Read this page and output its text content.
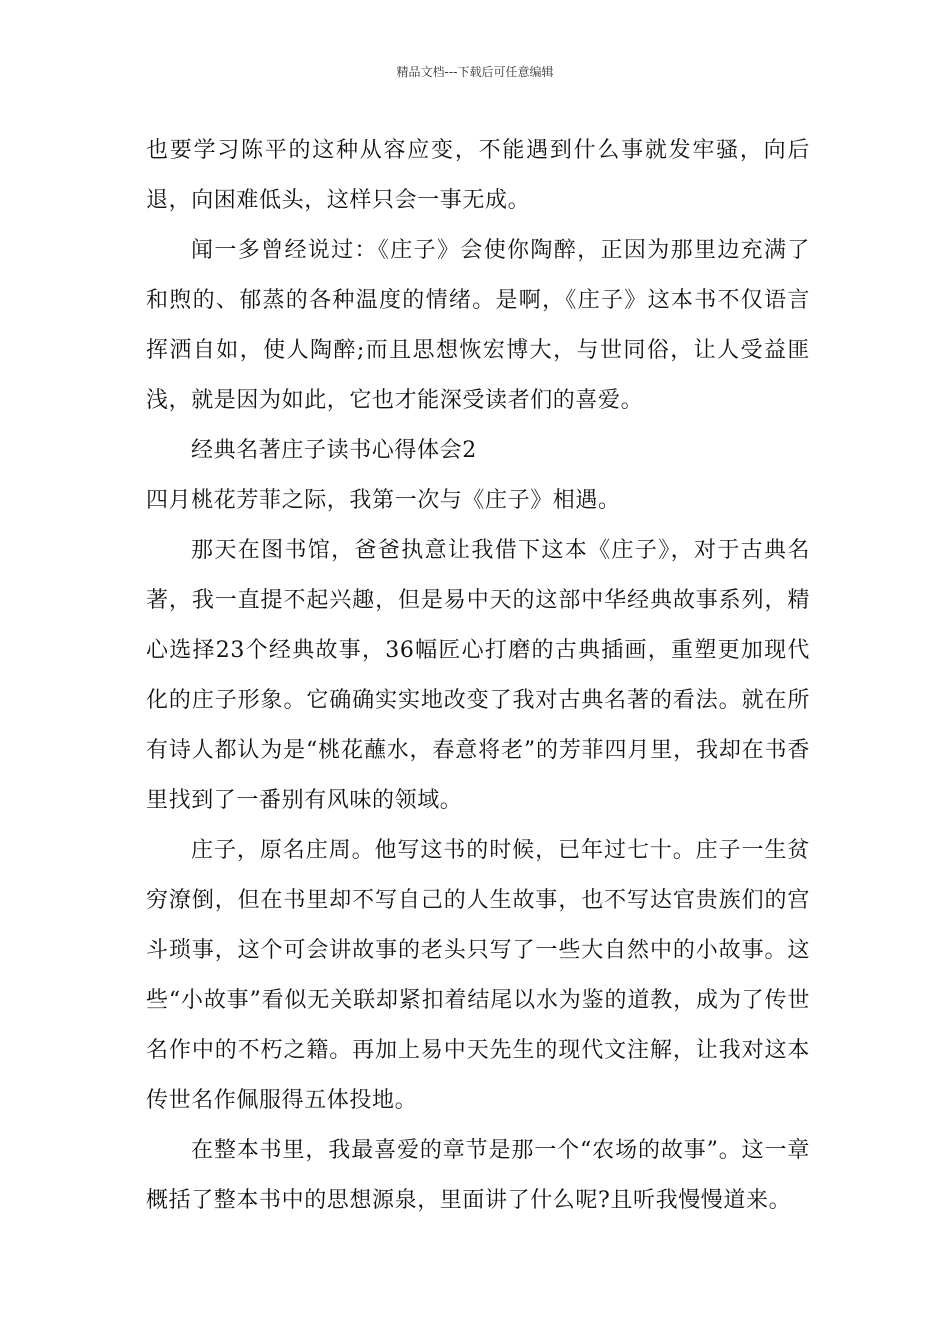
精品文档---下载后可任意编辑

也要学习陈平的这种从容应变，不能遇到什么事就发牢骚，向后退，向困难低头，这样只会一事无成。

闻一多曾经说过：《庄子》会使你陶醉，正因为那里边充满了和煦的、郁蒸的各种温度的情绪。是啊，《庄子》这本书不仅语言挥洒自如，使人陶醉;而且思想恢宏博大，与世同俗，让人受益匪浅，就是因为如此，它也才能深受读者们的喜爱。

经典名著庄子读书心得体会2

四月桃花芳菲之际，我第一次与《庄子》相遇。

那天在图书馆，爸爸执意让我借下这本《庄子》，对于古典名著，我一直提不起兴趣，但是易中天的这部中华经典故事系列，精心选择23个经典故事，36幅匠心打磨的古典插画，重塑更加现代化的庄子形象。它确确实实地改变了我对古典名著的看法。就在所有诗人都认为是“桃花蘸水，春意将老”的芳菲四月里，我却在书香里找到了一番别有风味的领域。

庄子，原名庄周。他写这书的时候，已年过七十。庄子一生贫穷潦倒，但在书里却不写自己的人生故事，也不写达官贵族们的宫斗琐事，这个可会讲故事的老头只写了一些大自然中的小故事。这些“小故事”看似无关联却紧扣着结尾以水为鉴的道教，成为了传世名作中的不朽之籍。再加上易中天先生的现代文注解，让我对这本传世名作佩服得五体投地。

在整本书里，我最喜爱的章节是那一个“农场的故事”。这一章概括了整本书中的思想源泉，里面讲了什么呢?且听我慢慢道来。
